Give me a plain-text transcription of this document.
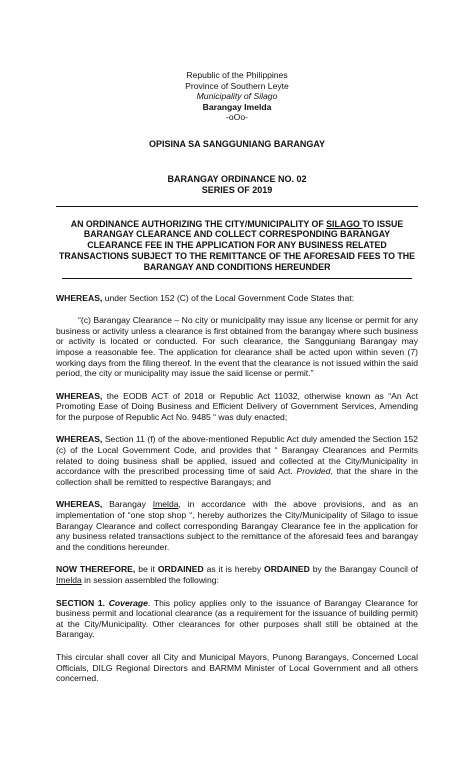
Republic of the Philippines
Province of Southern Leyte
Municipality of Silago
Barangay Imelda
-oOo-
OPISINA SA SANGGUNIANG BARANGAY
BARANGAY ORDINANCE NO. 02
SERIES OF 2019
AN ORDINANCE AUTHORIZING THE CITY/MUNICIPALITY OF SILAGO TO ISSUE BARANGAY CLEARANCE AND COLLECT CORRESPONDING BARANGAY CLEARANCE FEE IN THE APPLICATION FOR ANY BUSINESS RELATED TRANSACTIONS SUBJECT TO THE REMITTANCE OF THE AFORESAID FEES TO THE BARANGAY AND CONDITIONS HEREUNDER

WHEREAS, under Section 152 (C) of the Local Government Code States that:

“(c) Barangay Clearance – No city or municipality may issue any license or permit for any business or activity unless a clearance is first obtained from the barangay where such business or activity is located or conducted. For such clearance, the Sangguniang Barangay may impose a reasonable fee. The application for clearance shall be acted upon within seven (7) working days from the filing thereof. In the event that the clearance is not issued within the said period, the city or municipality may issue the said license or permit.”

WHEREAS, the EODB ACT of 2018 or Republic Act 11032, otherwise known as “An Act Promoting Ease of Doing Business and Efficient Delivery of Government Services, Amending for the purpose of Republic Act No. 9485 “ was duly enacted;

WHEREAS, Section 11 (f) of the above-mentioned Republic Act duly amended the Section 152 (c) of the Local Government Code, and provides that “ Barangay Clearances and Permits related to doing business shall be applied, issued and collected at the City/Municipality in accordance with the prescribed processing time of said Act. Provided, that the share in the collection shall be remitted to respective Barangays; and

WHEREAS, Barangay Imelda, in accordance with the above provisions, and as an implementation of “one stop shop “, hereby authorizes the City/Municipality of Silago to issue Barangay Clearance and collect corresponding Barangay Clearance fee in the application for any business related transactions subject to the remittance of the aforesaid fees and barangay and the conditions hereunder.

NOW THEREFORE, be it ORDAINED as it is hereby ORDAINED by the Barangay Council of Imelda in session assembled the following:

SECTION 1. Coverage. This policy applies only to the issuance of Barangay Clearance for business permit and locational clearance (as a requirement for the issuance of building permit) at the City/Municipality. Other clearances for other purposes shall still be obtained at the Barangay.

This circular shall cover all City and Municipal Mayors, Punong Barangays, Concerned Local Officials, DILG Regional Directors and BARMM Minister of Local Government and all others concerned.
